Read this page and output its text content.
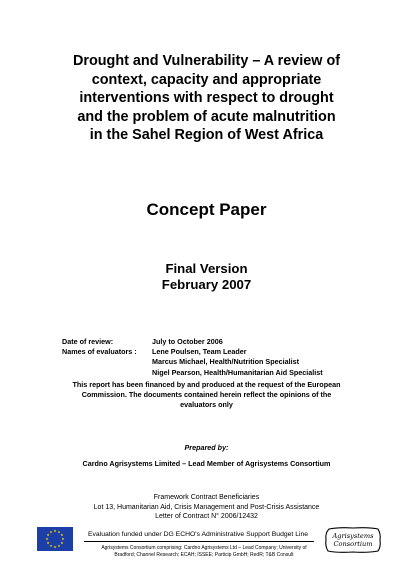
Drought and Vulnerability – A review of
context, capacity and appropriate
interventions with respect to drought
and the problem of acute malnutrition
in the Sahel Region of West Africa
Concept Paper
Final Version
February 2007
Date of review:	July to October 2006
Names of evaluators : Lene Poulsen, Team Leader
Marcus Michael, Health/Nutrition Specialist
Nigel Pearson, Health/Humanitarian Aid Specialist
This report has been financed by and produced at the request of the European
Commission. The documents contained herein reflect the opinions of the
evaluators only
Prepared by:
Cardno Agrisystems Limited – Lead Member of Agrisystems Consortium
Framework Contract Beneficiaries
Lot 13, Humanitarian Aid, Crisis Management and Post-Crisis Assistance
Letter of Contract N° 2006/12432
Evaluation funded under DG ECHO's Administrative Support Budget Line
Agrisystems Consortium comprising: Cardno Agrisystems Ltd – Lead Company; University of
Bradford; Channel Research; ECAH; ISSEE; Particip GmbH; RedR; T&B Consult
Agrisystems
Consortium
